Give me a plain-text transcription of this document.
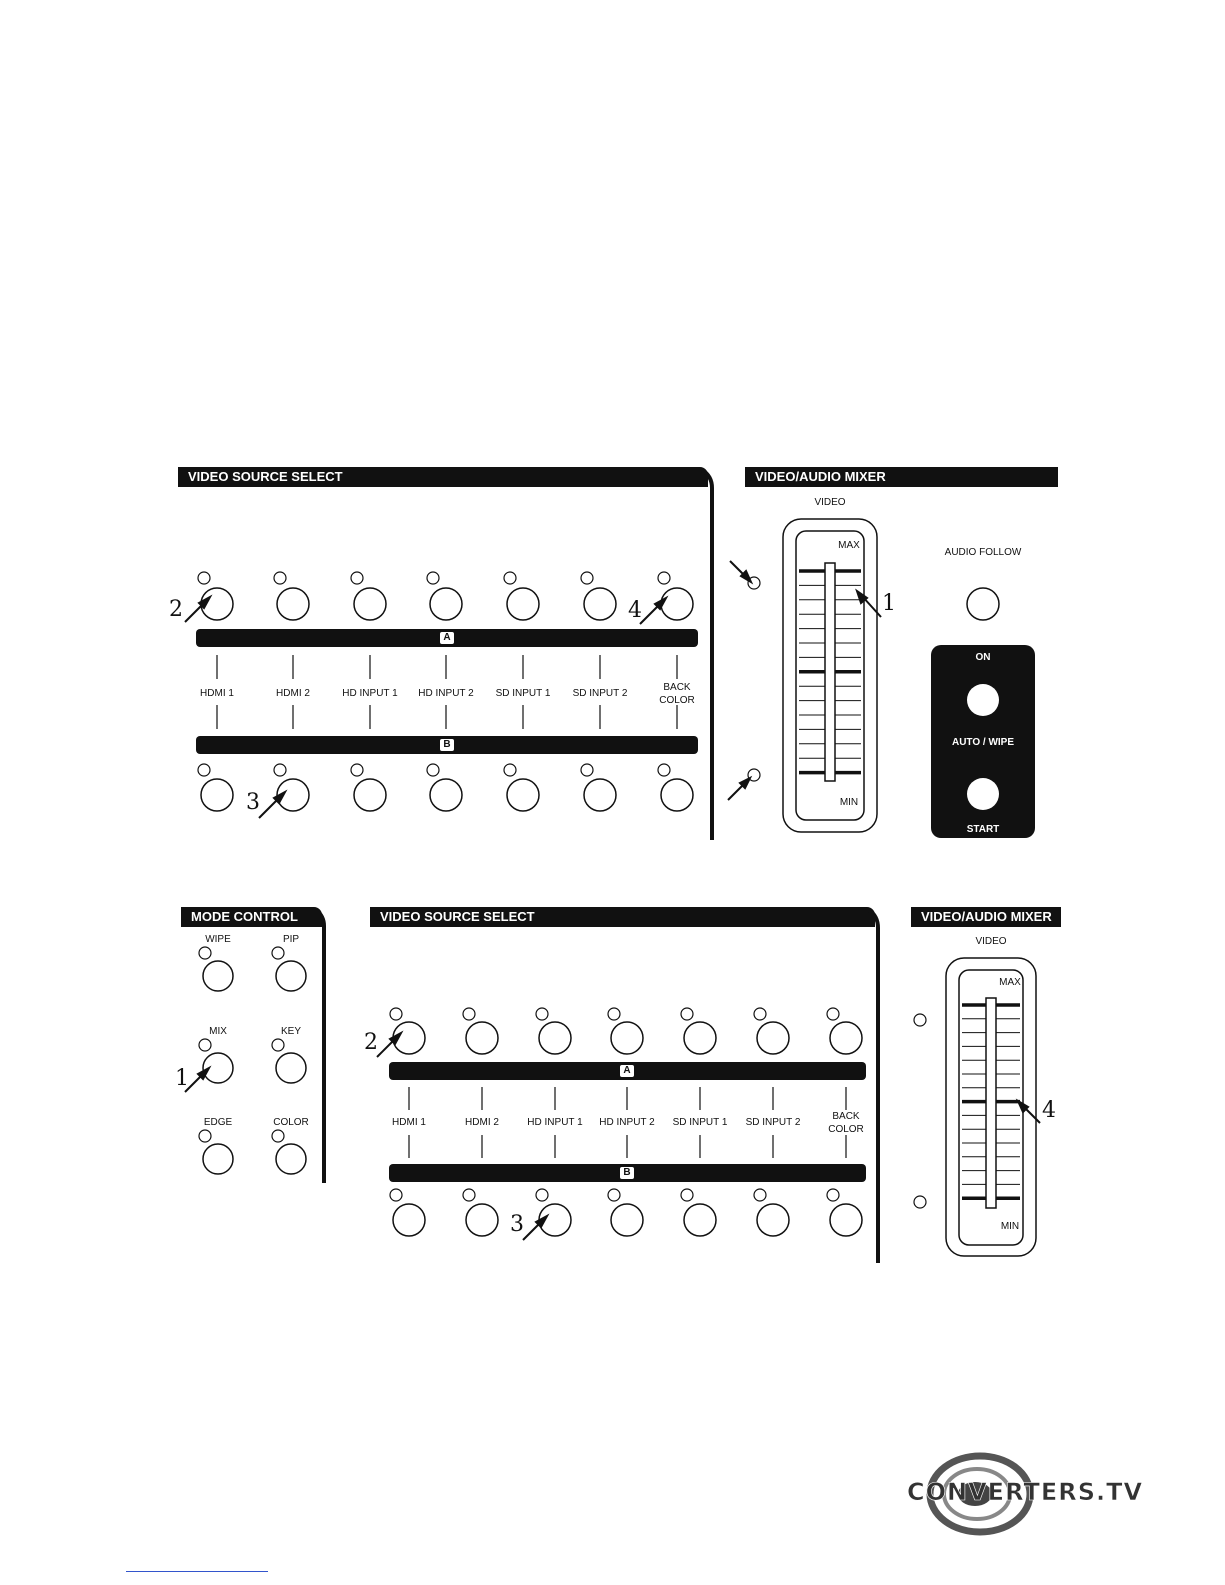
VIDEO SOURCE SELECT	VIDEO/AUDIO MIXER
HDMI 1	HDMI 2	HD INPUT 1	HD INPUT 2	SD INPUT 1	SD INPUT 2
BACK COLOR
VIDEO
MAX
MIN
AUDIO FOLLOW
ON
AUTO / WIPE
START
A
B
2
3
4	1
MODE CONTROL	VIDEO SOURCE SELECT	VIDEO/AUDIO MIXER
HDMI 1	HDMI 2	HD INPUT 1	HD INPUT 2	SD INPUT 1	SD INPUT 2
BACK COLOR
WIPE	PIP
MIX	KEY
EDGE	COLOR
VIDEO
MAX
MIN
A
B
1
2
3
4
CONVERTERS.TV
